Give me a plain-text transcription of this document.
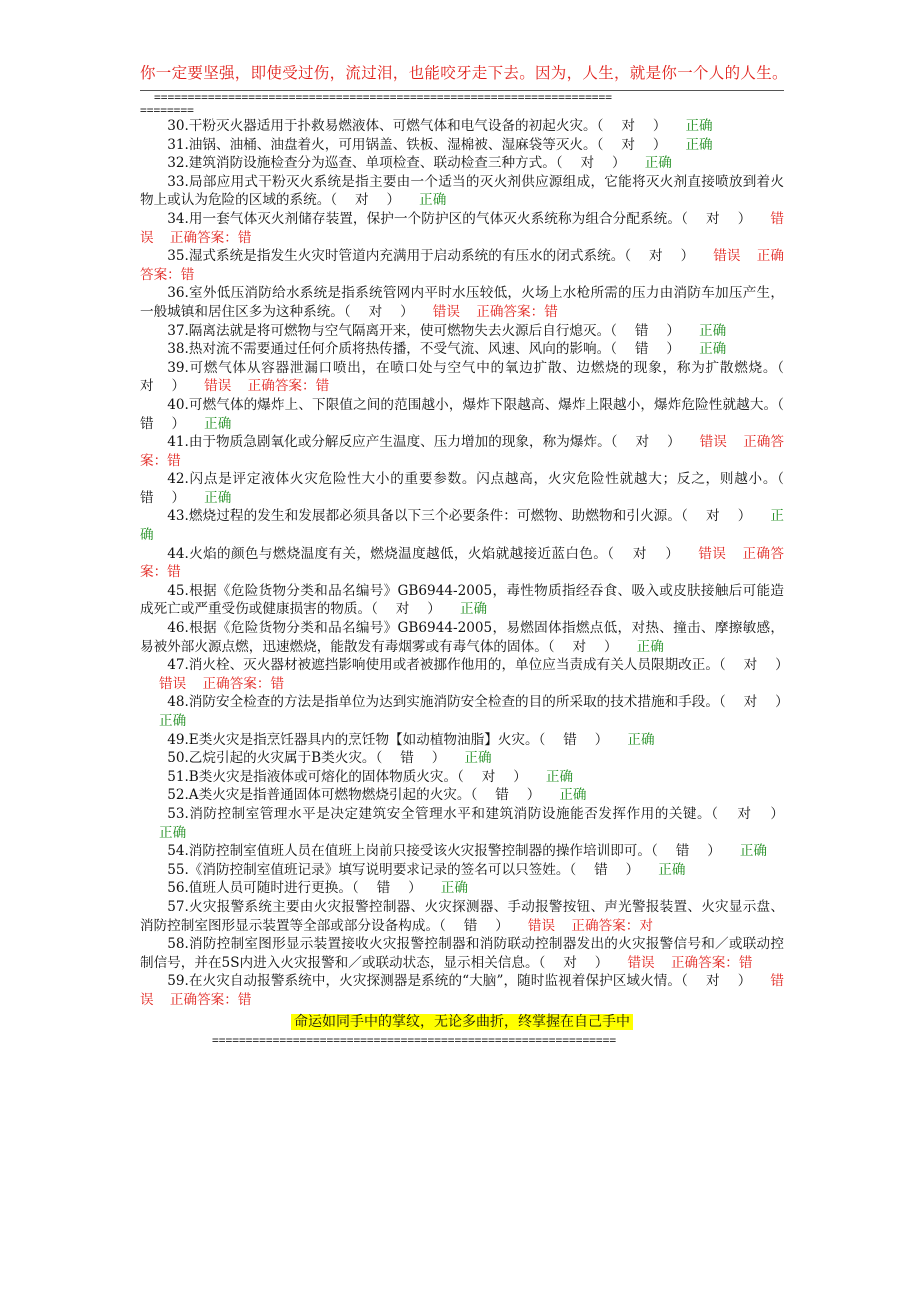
你一定要坚强，即使受过伤，流过泪，也能咬牙走下去。因为，人生，就是你一个人的人生。
====================================================================
========

30.干粉灭火器适用于扑救易燃液体、可燃气体和电气设备的初起火灾。（　 对　 ） 正确

31.油锅、油桶、油盘着火，可用锅盖、铁板、湿棉被、湿麻袋等灭火。（　 对　 ） 正确

32.建筑消防设施检查分为巡查、单项检查、联动检查三种方式。（　 对　 ） 正确

33.局部应用式干粉灭火系统是指主要由一个适当的灭火剂供应源组成，它能将灭火剂直接喷放到着火物上或认为危险的区域的系统。（　 对　 ） 正确

34.用一套气体灭火剂储存装置，保护一个防护区的气体灭火系统称为组合分配系统。（　 对　 ） 错误 正确答案：错

35.湿式系统是指发生火灾时管道内充满用于启动系统的有压水的闭式系统。（　 对　 ） 错误 正确答案：错

36.室外低压消防给水系统是指系统管网内平时水压较低，火场上水枪所需的压力由消防车加压产生，一般城镇和居住区多为这种系统。（　 对　 ） 错误 正确答案：错

37.隔离法就是将可燃物与空气隔离开来，使可燃物失去火源后自行熄灭。（　 错　 ） 正确

38.热对流不需要通过任何介质将热传播，不受气流、风速、风向的影响。（　 错　 ） 正确

39.可燃气体从容器泄漏口喷出，在喷口处与空气中的氧边扩散、边燃烧的现象，称为扩散燃烧。（　 对　 ） 错误 正确答案：错

40.可燃气体的爆炸上、下限值之间的范围越小，爆炸下限越高、爆炸上限越小，爆炸危险性就越大。（　 错　 ） 正确

41.由于物质急剧氧化或分解反应产生温度、压力增加的现象，称为爆炸。（　 对　 ） 错误 正确答案：错

42.闪点是评定液体火灾危险性大小的重要参数。闪点越高，火灾危险性就越大；反之，则越小。（　 错　 ） 正确

43.燃烧过程的发生和发展都必须具备以下三个必要条件：可燃物、助燃物和引火源。（　 对　 ） 正确

44.火焰的颜色与燃烧温度有关，燃烧温度越低，火焰就越接近蓝白色。（　 对　 ） 错误 正确答案：错

45.根据《危险货物分类和品名编号》GB6944-2005，毒性物质指经吞食、吸入或皮肤接触后可能造成死亡或严重受伤或健康损害的物质。（　 对　 ） 正确

46.根据《危险货物分类和品名编号》GB6944-2005，易燃固体指燃点低，对热、撞击、摩擦敏感，易被外部火源点燃，迅速燃烧，能散发有毒烟雾或有毒气体的固体。（　 对　 ） 正确

47.消火栓、灭火器材被遮挡影响使用或者被挪作他用的，单位应当责成有关人员限期改正。（　 对　 ）错误 正确答案：错

48.消防安全检查的方法是指单位为达到实施消防安全检查的目的所采取的技术措施和手段。（　 对　 ）正确

49.E类火灾是指烹饪器具内的烹饪物【如动植物油脂】火灾。（　 错　 ） 正确

50.乙烷引起的火灾属于B类火灾。（　 错　 ） 正确

51.B类火灾是指液体或可熔化的固体物质火灾。（　 对　 ） 正确

52.A类火灾是指普通固体可燃物燃烧引起的火灾。（　 错　 ） 正确

53.消防控制室管理水平是决定建筑安全管理水平和建筑消防设施能否发挥作用的关键。（　 对　 ）正确

54.消防控制室值班人员在值班上岗前只接受该火灾报警控制器的操作培训即可。（　 错　 ） 正确

55.《消防控制室值班记录》填写说明要求记录的签名可以只签姓。（　 错　 ） 正确

56.值班人员可随时进行更换。（　 错　 ） 正确

57.火灾报警系统主要由火灾报警控制器、火灾探测器、手动报警按钮、声光警报装置、火灾显示盘、消防控制室图形显示装置等全部或部分设备构成。（　 错　 ） 错误 正确答案：对

58.消防控制室图形显示装置接收火灾报警控制器和消防联动控制器发出的火灾报警信号和／或联动控制信号，并在5S内进入火灾报警和／或联动状态，显示相关信息。（　 对　 ） 错误 正确答案：错

59.在火灾自动报警系统中，火灾探测器是系统的“大脑”，随时监视着保护区域火情。（　 对　 ） 错误 正确答案：错

命运如同手中的掌纹，无论多曲折，终掌握在自己手中
============================================================
